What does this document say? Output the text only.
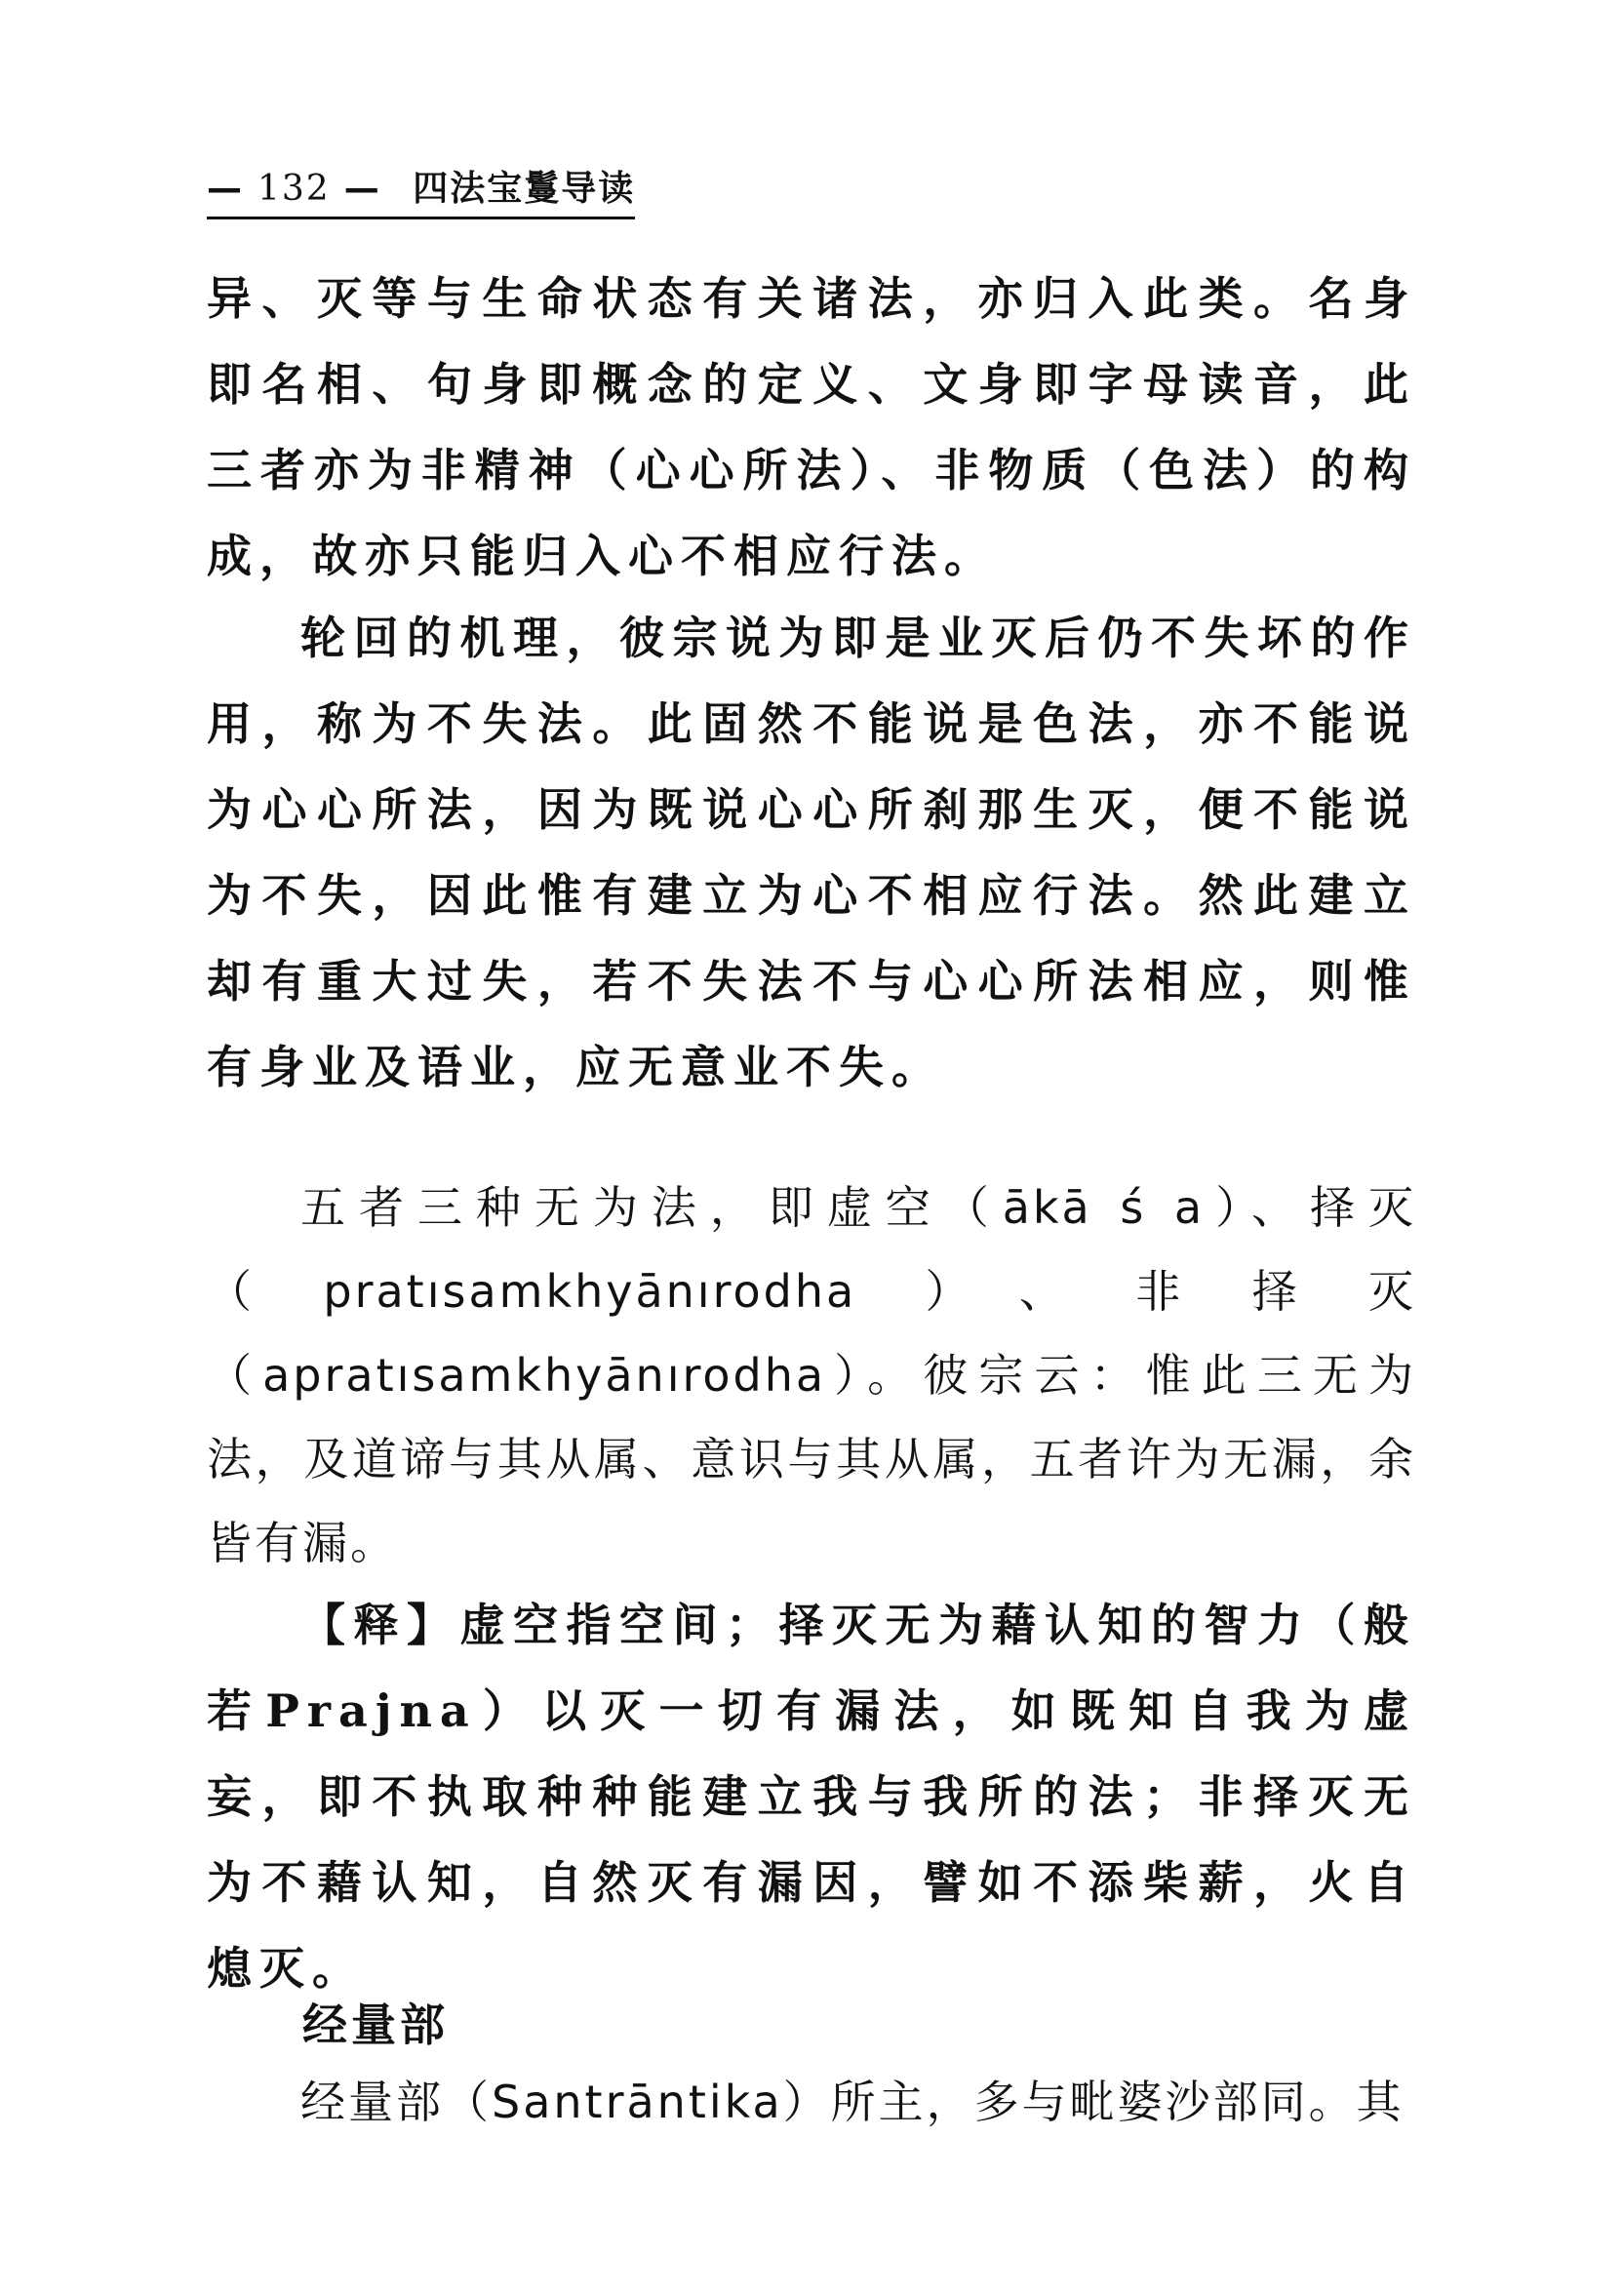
— 132 — 四法宝鬘导读

异、灭等与生命状态有关诸法，亦归入此类。名身即名相、句身即概念的定义、文身即字母读音，此三者亦为非精神（心心所法）、非物质（色法）的构成，故亦只能归入心不相应行法。

轮回的机理，彼宗说为即是业灭后仍不失坏的作用，称为不失法。此固然不能说是色法，亦不能说为心心所法，因为既说心心所刹那生灭，便不能说为不失，因此惟有建立为心不相应行法。然此建立却有重大过失，若不失法不与心心所法相应，则惟有身业及语业，应无意业不失。

五者三种无为法，即虚空（ākā ś a）、择灭（pratısamkhyānırodha）、非择灭（apratısamkhyānırodha）。彼宗云：惟此三无为法，及道谛与其从属、意识与其从属，五者许为无漏，余皆有漏。

【释】虚空指空间；择灭无为藉认知的智力（般若Prajna）以灭一切有漏法，如既知自我为虚妄，即不执取种种能建立我与我所的法；非择灭无为不藉认知，自然灭有漏因，譬如不添柴薪，火自熄灭。

经量部

经量部（Santrāntika）所主，多与毗婆沙部同。其
